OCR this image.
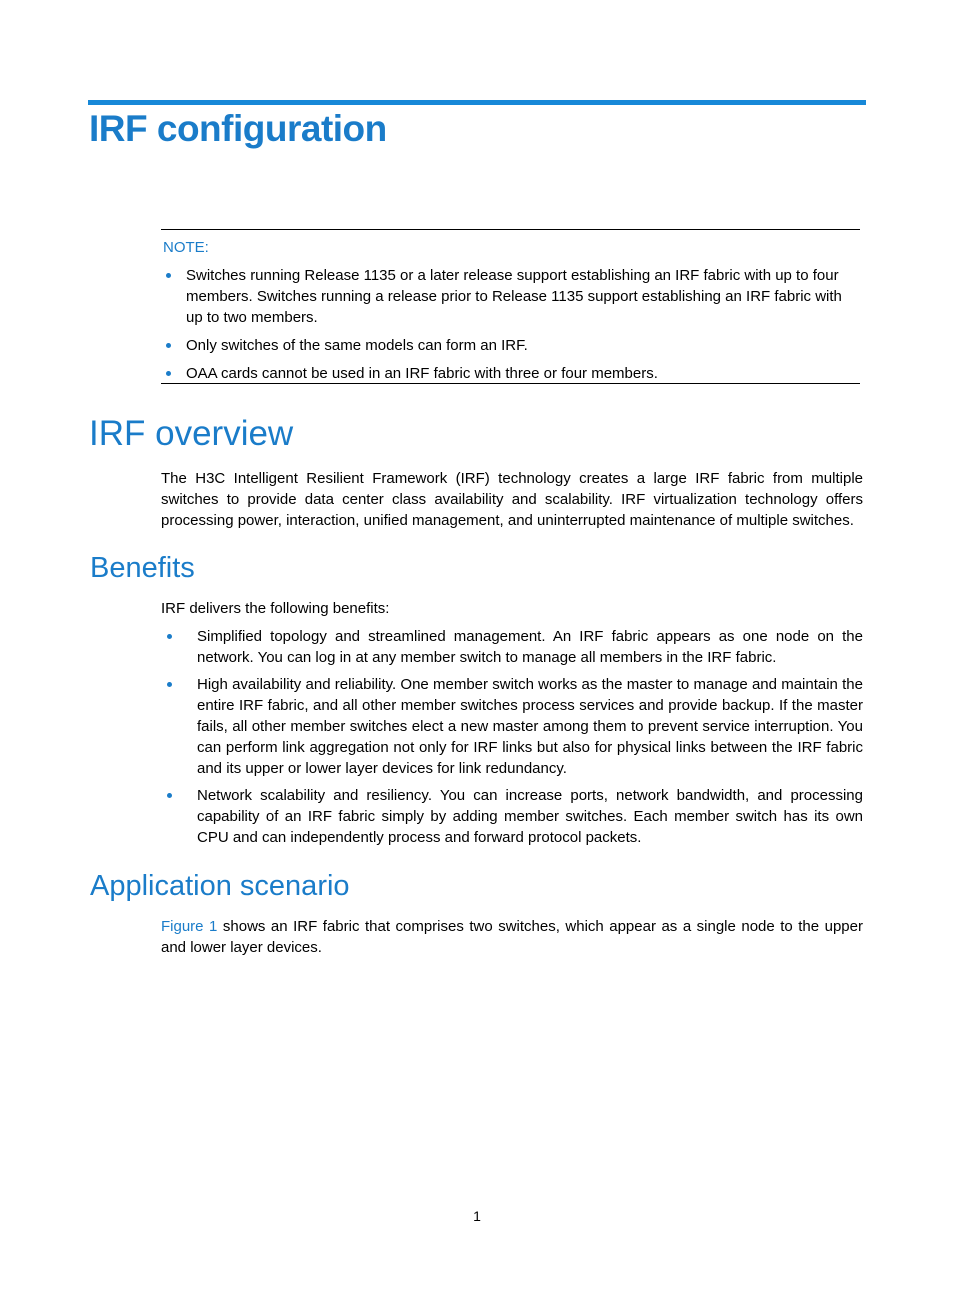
IRF configuration
NOTE:
Switches running Release 1135 or a later release support establishing an IRF fabric with up to four members. Switches running a release prior to Release 1135 support establishing an IRF fabric with up to two members.
Only switches of the same models can form an IRF.
OAA cards cannot be used in an IRF fabric with three or four members.
IRF overview

The H3C Intelligent Resilient Framework (IRF) technology creates a large IRF fabric from multiple switches to provide data center class availability and scalability. IRF virtualization technology offers processing power, interaction, unified management, and uninterrupted maintenance of multiple switches.

Benefits

IRF delivers the following benefits:

Simplified topology and streamlined management. An IRF fabric appears as one node on the network. You can log in at any member switch to manage all members in the IRF fabric.
High availability and reliability. One member switch works as the master to manage and maintain the entire IRF fabric, and all other member switches process services and provide backup. If the master fails, all other member switches elect a new master among them to prevent service interruption. You can perform link aggregation not only for IRF links but also for physical links between the IRF fabric and its upper or lower layer devices for link redundancy.
Network scalability and resiliency. You can increase ports, network bandwidth, and processing capability of an IRF fabric simply by adding member switches. Each member switch has its own CPU and can independently process and forward protocol packets.
Application scenario

Figure 1 shows an IRF fabric that comprises two switches, which appear as a single node to the upper and lower layer devices.

1
